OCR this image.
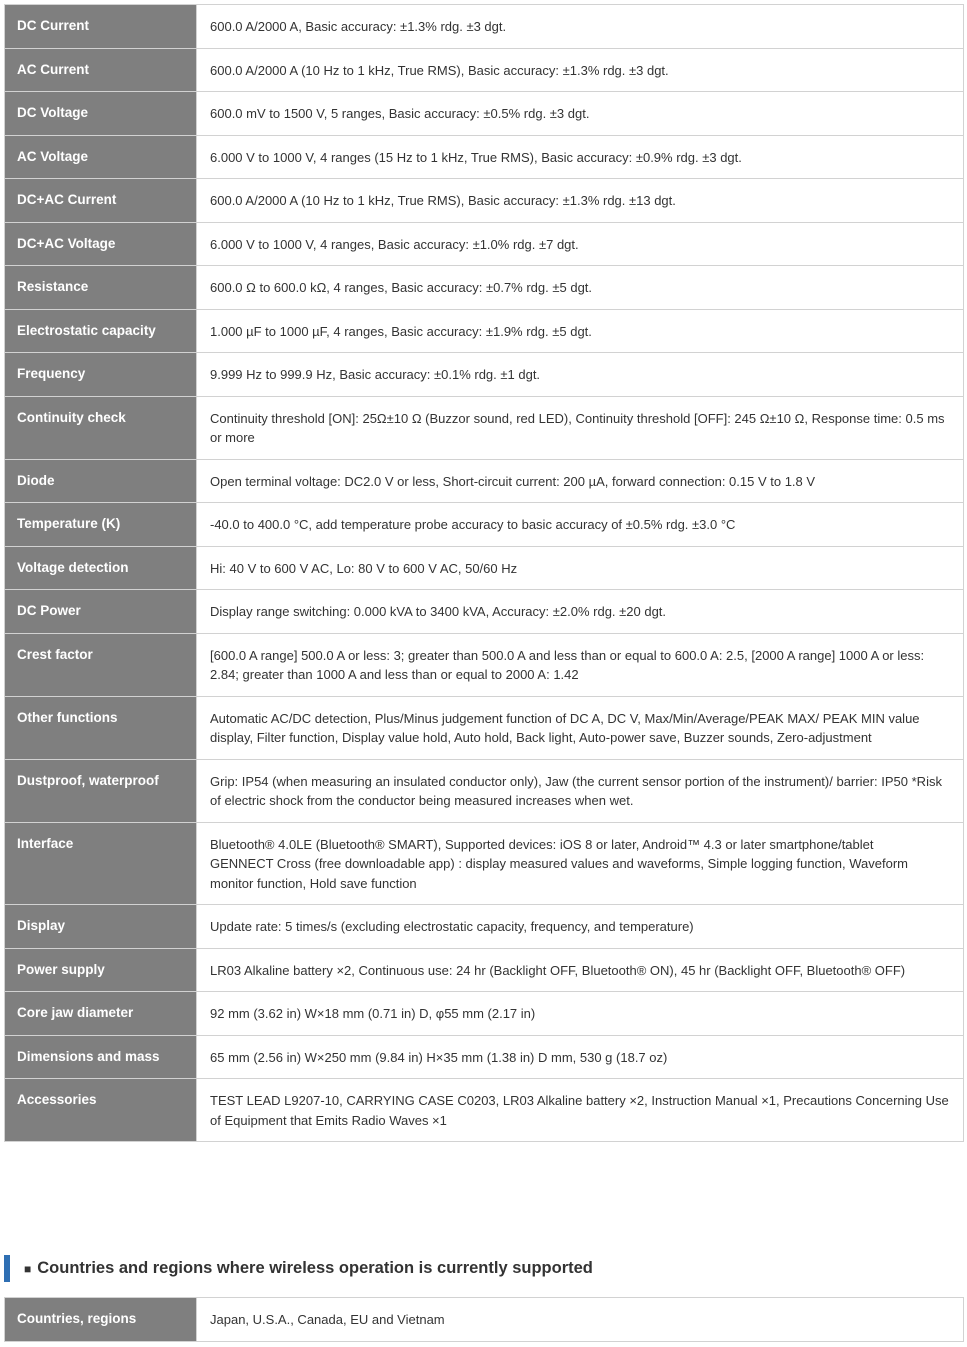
DC Current	600.0 A/2000 A, Basic accuracy: ±1.3% rdg. ±3 dgt.

AC Current	600.0 A/2000 A (10 Hz to 1 kHz, True RMS), Basic accuracy: ±1.3% rdg. ±3 dgt.

DC Voltage	600.0 mV to 1500 V, 5 ranges, Basic accuracy: ±0.5% rdg. ±3 dgt.

AC Voltage	6.000 V to 1000 V, 4 ranges (15 Hz to 1 kHz, True RMS), Basic accuracy: ±0.9% rdg. ±3 dgt.

DC+AC Current	600.0 A/2000 A (10 Hz to 1 kHz, True RMS), Basic accuracy: ±1.3% rdg. ±13 dgt.

DC+AC Voltage	6.000 V to 1000 V, 4 ranges, Basic accuracy: ±1.0% rdg. ±7 dgt.

Resistance	600.0 Ω to 600.0 kΩ, 4 ranges, Basic accuracy: ±0.7% rdg. ±5 dgt.

Electrostatic capacity	1.000 µF to 1000 µF, 4 ranges, Basic accuracy: ±1.9% rdg. ±5 dgt.

Frequency	9.999 Hz to 999.9 Hz, Basic accuracy: ±0.1% rdg. ±1 dgt.

Continuity check	Continuity threshold [ON]: 25Ω±10 Ω (Buzzor sound, red LED), Continuity threshold [OFF]: 245 Ω±10 Ω, Response time: 0.5 ms or more

Diode	Open terminal voltage: DC2.0 V or less, Short-circuit current: 200 µA, forward connection: 0.15 V to 1.8 V

Temperature (K)	-40.0 to 400.0 °C, add temperature probe accuracy to basic accuracy of ±0.5% rdg. ±3.0 °C

Voltage detection	Hi: 40 V to 600 V AC, Lo: 80 V to 600 V AC, 50/60 Hz

DC Power	Display range switching: 0.000 kVA to 3400 kVA, Accuracy: ±2.0% rdg. ±20 dgt.

Crest factor	[600.0 A range] 500.0 A or less: 3; greater than 500.0 A and less than or equal to 600.0 A: 2.5, [2000 A range] 1000 A or less: 2.84; greater than 1000 A and less than or equal to 2000 A: 1.42

Other functions	Automatic AC/DC detection, Plus/Minus judgement function of DC A, DC V, Max/Min/Average/PEAK MAX/ PEAK MIN value display, Filter function, Display value hold, Auto hold, Back light, Auto-power save, Buzzer sounds, Zero-adjustment

Dustproof, waterproof	Grip: IP54 (when measuring an insulated conductor only), Jaw (the current sensor portion of the instrument)/ barrier: IP50 *Risk of electric shock from the conductor being measured increases when wet.

Interface	Bluetooth® 4.0LE (Bluetooth® SMART), Supported devices: iOS 8 or later, Android™ 4.3 or later smartphone/tablet
GENNECT Cross (free downloadable app) : display measured values and waveforms, Simple logging function, Waveform monitor function, Hold save function

Display	Update rate: 5 times/s (excluding electrostatic capacity, frequency, and temperature)

Power supply	LR03 Alkaline battery ×2, Continuous use: 24 hr (Backlight OFF, Bluetooth® ON), 45 hr (Backlight OFF, Bluetooth® OFF)

Core jaw diameter	92 mm (3.62 in) W×18 mm (0.71 in) D, φ55 mm (2.17 in)

Dimensions and mass	65 mm (2.56 in) W×250 mm (9.84 in) H×35 mm (1.38 in) D mm, 530 g (18.7 oz)

Accessories	TEST LEAD L9207-10, CARRYING CASE C0203, LR03 Alkaline battery ×2, Instruction Manual ×1, Precautions Concerning Use of Equipment that Emits Radio Waves ×1
■ Countries and regions where wireless operation is currently supported
Countries, regions	Japan, U.S.A., Canada, EU and Vietnam
